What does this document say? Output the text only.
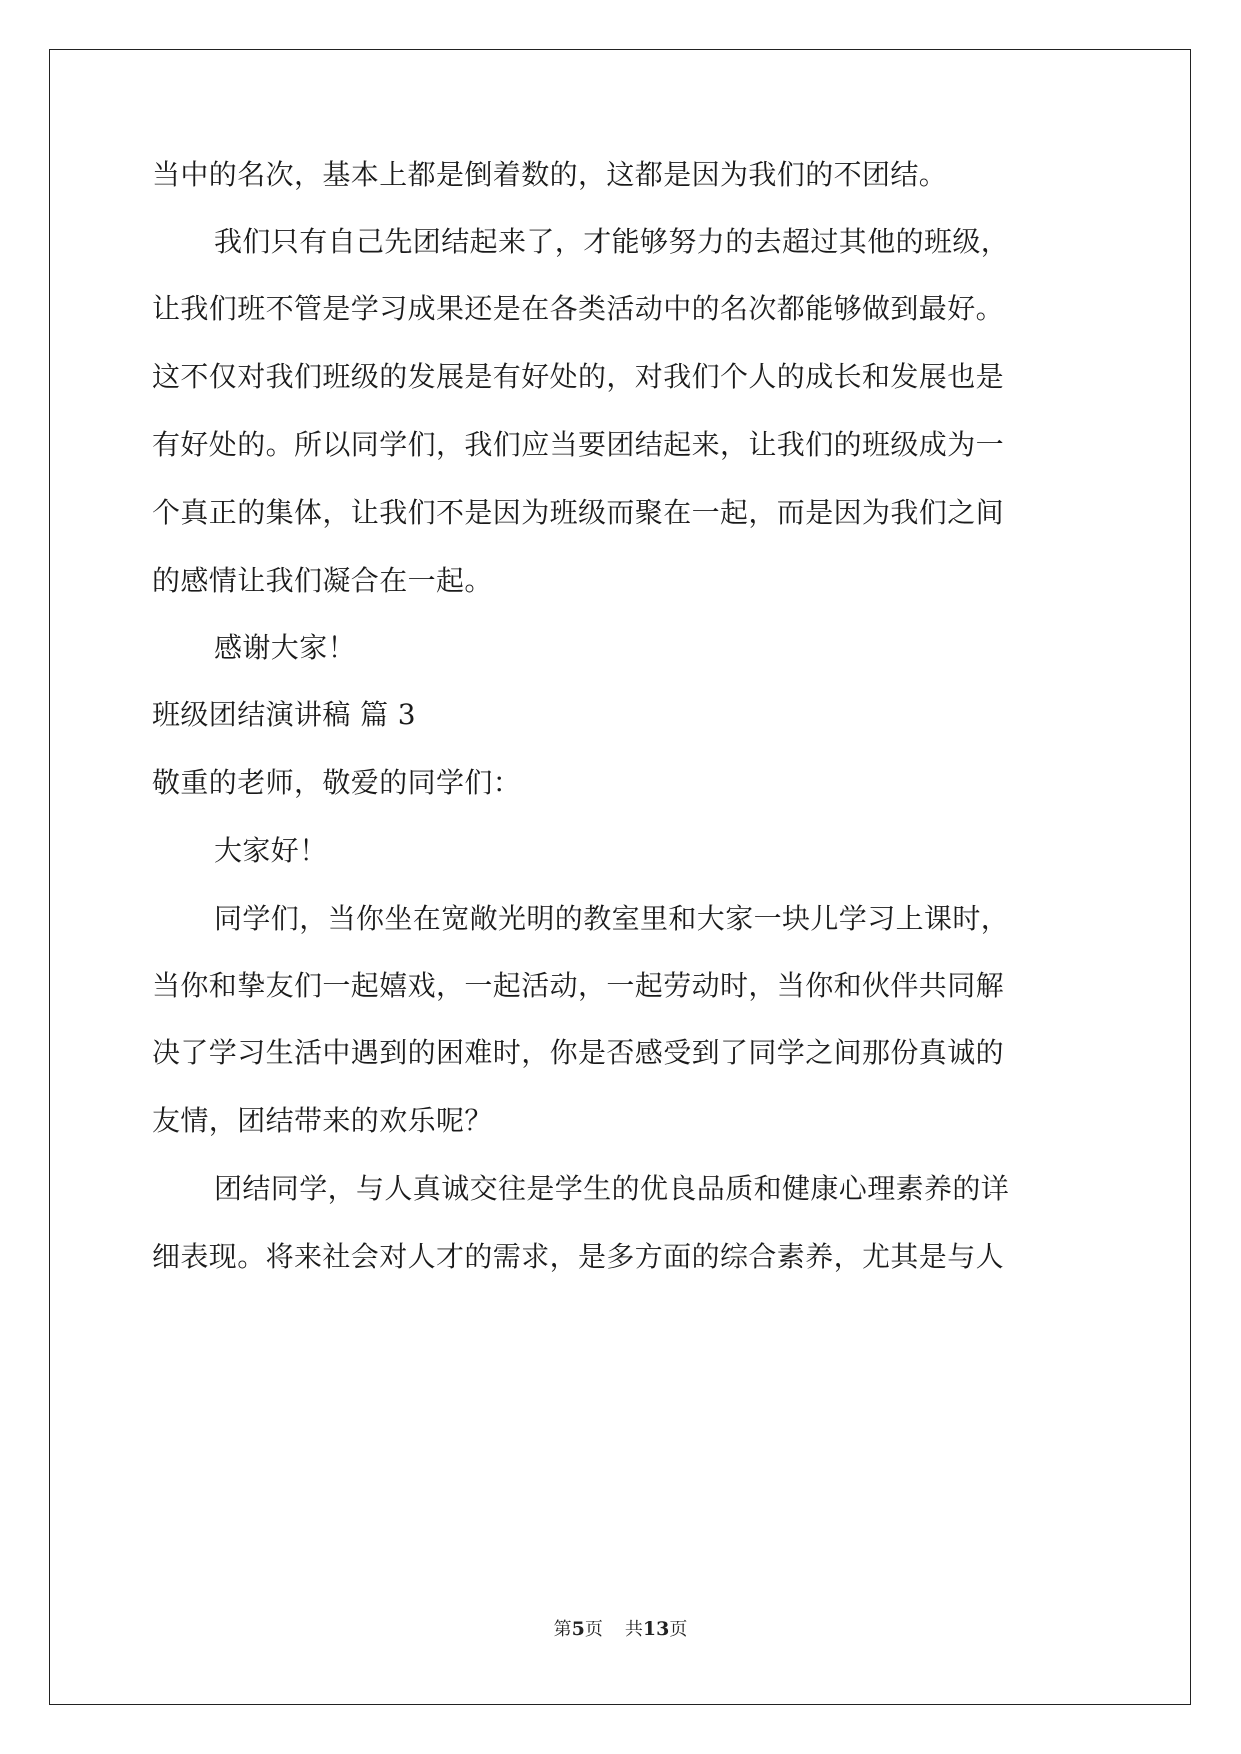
当中的名次，基本上都是倒着数的，这都是因为我们的不团结。
我们只有自己先团结起来了，才能够努力的去超过其他的班级，
让我们班不管是学习成果还是在各类活动中的名次都能够做到最好。
这不仅对我们班级的发展是有好处的，对我们个人的成长和发展也是
有好处的。所以同学们，我们应当要团结起来，让我们的班级成为一
个真正的集体，让我们不是因为班级而聚在一起，而是因为我们之间
的感情让我们凝合在一起。
感谢大家！
班级团结演讲稿 篇 3
敬重的老师，敬爱的同学们：
大家好！
同学们，当你坐在宽敞光明的教室里和大家一块儿学习上课时，
当你和挚友们一起嬉戏，一起活动，一起劳动时，当你和伙伴共同解
决了学习生活中遇到的困难时，你是否感受到了同学之间那份真诚的
友情，团结带来的欢乐呢？
团结同学，与人真诚交往是学生的优良品质和健康心理素养的详
细表现。将来社会对人才的需求，是多方面的综合素养，尤其是与人
第5页 共13页
